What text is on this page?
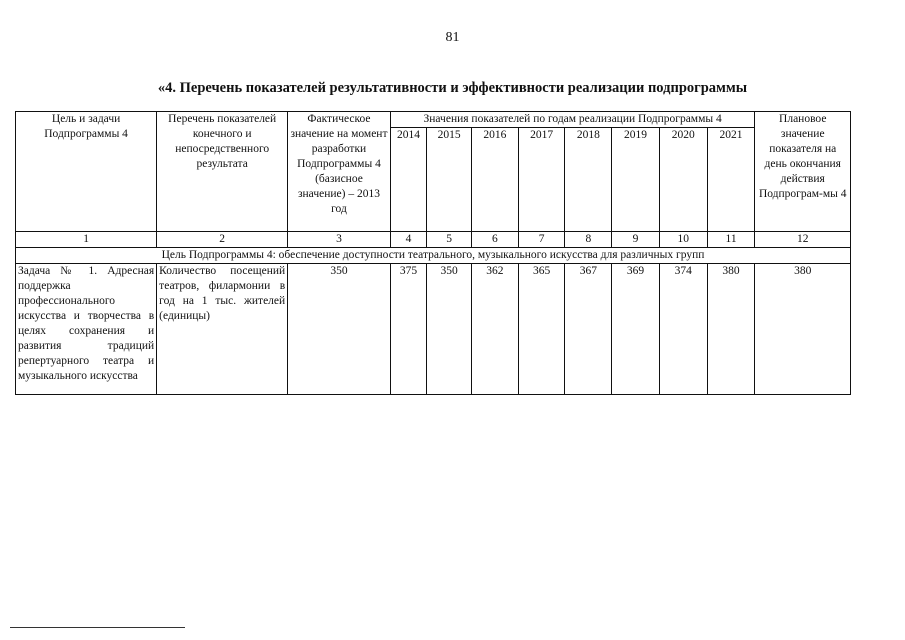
81
«4. Перечень показателей результативности и эффективности реализации подпрограммы
Цель и задачи Подпрограммы 4	Перечень показателей конечного и непосредственного результата	Фактическое значение на момент разработки Подпрограммы 4 (базисное значение) – 2013 год	Значения показателей по годам реализации Подпрограммы 4								Плановое значение показателя на день окончания действия Подпрограм-мы 4
			2014	2015	2016	2017	2018	2019	2020	2021	
1	2	3	4	5	6	7	8	9	10	11	12
Цель Подпрограммы 4: обеспечение доступности театрального, музыкального искусства для различных групп											
Задача № 1. Адресная поддержка профессионального искусства и творчества в целях сохранения и развития традиций репертуарного театра и музыкального искусства	Количество посещений театров, филармонии в год на 1 тыс. жителей (единицы)	350	375	350	362	365	367	369	374	380	380
